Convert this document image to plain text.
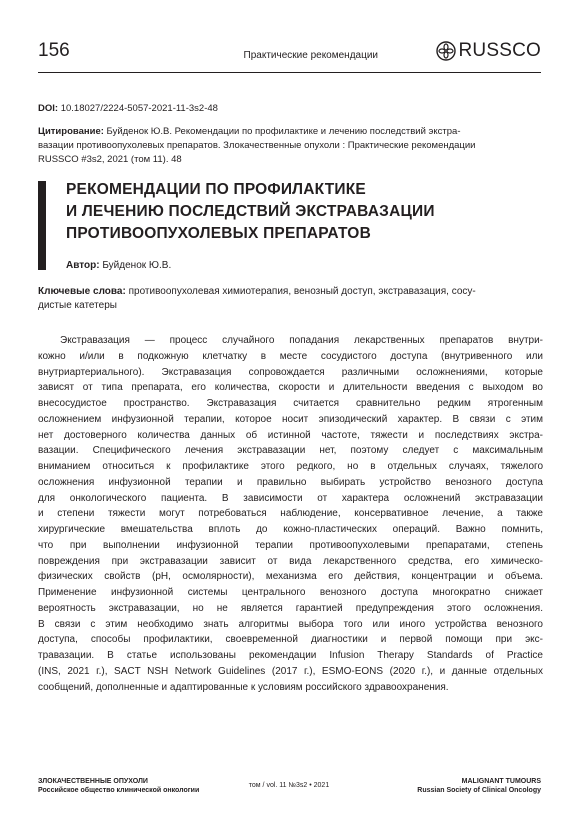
156	Практические рекомендации	RUSSCO
DOI: 10.18027/2224-5057-2021-11-3s2-48
Цитирование: Буйденок Ю.В. Рекомендации по профилактике и лечению последствий экстра-
вазации противоопухолевых препаратов. Злокачественные опухоли : Практические рекомендации
RUSSCO #3s2, 2021 (том 11). 48
РЕКОМЕНДАЦИИ ПО ПРОФИЛАКТИКЕ
И ЛЕЧЕНИЮ ПОСЛЕДСТВИЙ ЭКСТРАВАЗАЦИИ
ПРОТИВООПУХОЛЕВЫХ ПРЕПАРАТОВ
Автор: Буйденок Ю.В.
Ключевые слова: противоопухолевая химиотерапия, венозный доступ, экстравазация, сосу-
дистые катетеры
Экстравазация — процесс случайного попадания лекарственных препаратов внутри-
кожно и/или в подкожную клетчатку в месте сосудистого доступа (внутривенного или
внутриартериального). Экстравазация сопровождается различными осложнениями, которые
зависят от типа препарата, его количества, скорости и длительности введения с выходом во
внесосудистое пространство. Экстравазация считается сравнительно редким ятрогенным
осложнением инфузионной терапии, которое носит эпизодический характер. В связи с этим
нет достоверного количества данных об истинной частоте, тяжести и последствиях экстра-
вазации. Специфического лечения экстравазации нет, поэтому следует с максимальным
вниманием относиться к профилактике этого редкого, но в отдельных случаях, тяжелого
осложнения инфузионной терапии и правильно выбирать устройство венозного доступа
для онкологического пациента. В зависимости от характера осложнений экстравазации
и степени тяжести могут потребоваться наблюдение, консервативное лечение, а также
хирургические вмешательства вплоть до кожно-пластических операций. Важно помнить,
что при выполнении инфузионной терапии противоопухолевыми препаратами, степень
повреждения при экстравазации зависит от вида лекарственного средства, его химическо-
физических свойств (pH, осмолярности), механизма его действия, концентрации и объема.
Применение инфузионной системы центрального венозного доступа многократно снижает
вероятность экстравазации, но не является гарантией предупреждения этого осложнения.
В связи с этим необходимо знать алгоритмы выбора того или иного устройства венозного
доступа, способы профилактики, своевременной диагностики и первой помощи при экс-
травазации. В статье использованы рекомендации Infusion Therapy Standards of Practice
(INS, 2021 г.), SACT NSH Network Guidelines (2017 г.), ESMO-EONS (2020 г.), и данные отдельных
сообщений, дополненные и адаптированные к условиям российского здравоохранения.
ЗЛОКАЧЕСТВЕННЫЕ ОПУХОЛИ
Российское общество клинической онкологии
том / vol. 11 №3s2 • 2021
MALIGNANT TUMOURS
Russian Society of Clinical Oncology
